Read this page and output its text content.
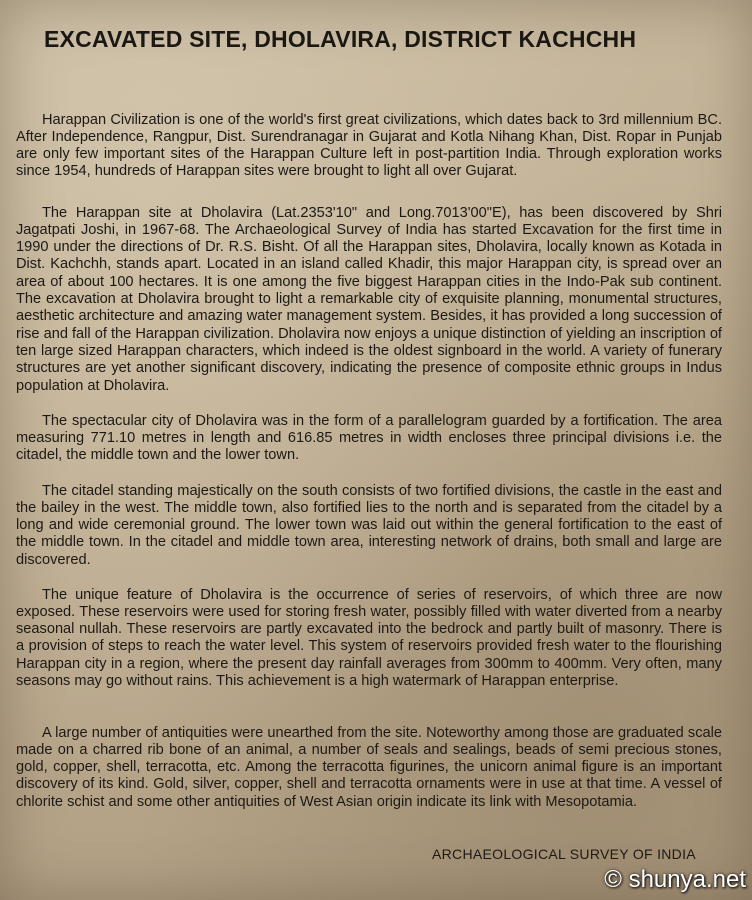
EXCAVATED SITE, DHOLAVIRA, DISTRICT KACHCHH

Harappan Civilization is one of the world's first great civilizations, which dates back to 3rd millennium BC. After Independence, Rangpur, Dist. Surendranagar in Gujarat and Kotla Nihang Khan, Dist. Ropar in Punjab are only few important sites of the Harappan Culture left in post-partition India. Through exploration works since 1954, hundreds of Harappan sites were brought to light all over Gujarat.

The Harappan site at Dholavira (Lat.2353'10" and Long.7013'00"E), has been discovered by Shri Jagatpati Joshi, in 1967-68. The Archaeological Survey of India has started Excavation for the first time in 1990 under the directions of Dr. R.S. Bisht. Of all the Harappan sites, Dholavira, locally known as Kotada in Dist. Kachchh, stands apart. Located in an island called Khadir, this major Harappan city, is spread over an area of about 100 hectares. It is one among the five biggest Harappan cities in the Indo-Pak sub continent. The excavation at Dholavira brought to light a remarkable city of exquisite planning, monumental structures, aesthetic architecture and amazing water management system. Besides, it has provided a long succession of rise and fall of the Harappan civilization. Dholavira now enjoys a unique distinction of yielding an inscription of ten large sized Harappan characters, which indeed is the oldest signboard in the world. A variety of funerary structures are yet another significant discovery, indicating the presence of composite ethnic groups in Indus population at Dholavira.

The spectacular city of Dholavira was in the form of a parallelogram guarded by a fortification. The area measuring 771.10 metres in length and 616.85 metres in width encloses three principal divisions i.e. the citadel, the middle town and the lower town.

The citadel standing majestically on the south consists of two fortified divisions, the castle in the east and the bailey in the west. The middle town, also fortified lies to the north and is separated from the citadel by a long and wide ceremonial ground. The lower town was laid out within the general fortification to the east of the middle town. In the citadel and middle town area, interesting network of drains, both small and large are discovered.

The unique feature of Dholavira is the occurrence of series of reservoirs, of which three are now exposed. These reservoirs were used for storing fresh water, possibly filled with water diverted from a nearby seasonal nullah. These reservoirs are partly excavated into the bedrock and partly built of masonry. There is a provision of steps to reach the water level. This system of reservoirs provided fresh water to the flourishing Harappan city in a region, where the present day rainfall averages from 300mm to 400mm. Very often, many seasons may go without rains. This achievement is a high watermark of Harappan enterprise.

A large number of antiquities were unearthed from the site. Noteworthy among those are graduated scale made on a charred rib bone of an animal, a number of seals and sealings, beads of semi precious stones, gold, copper, shell, terracotta, etc. Among the terracotta figurines, the unicorn animal figure is an important discovery of its kind. Gold, silver, copper, shell and terracotta ornaments were in use at that time. A vessel of chlorite schist and some other antiquities of West Asian origin indicate its link with Mesopotamia.

ARCHAEOLOGICAL SURVEY OF INDIA
© shunya.net
